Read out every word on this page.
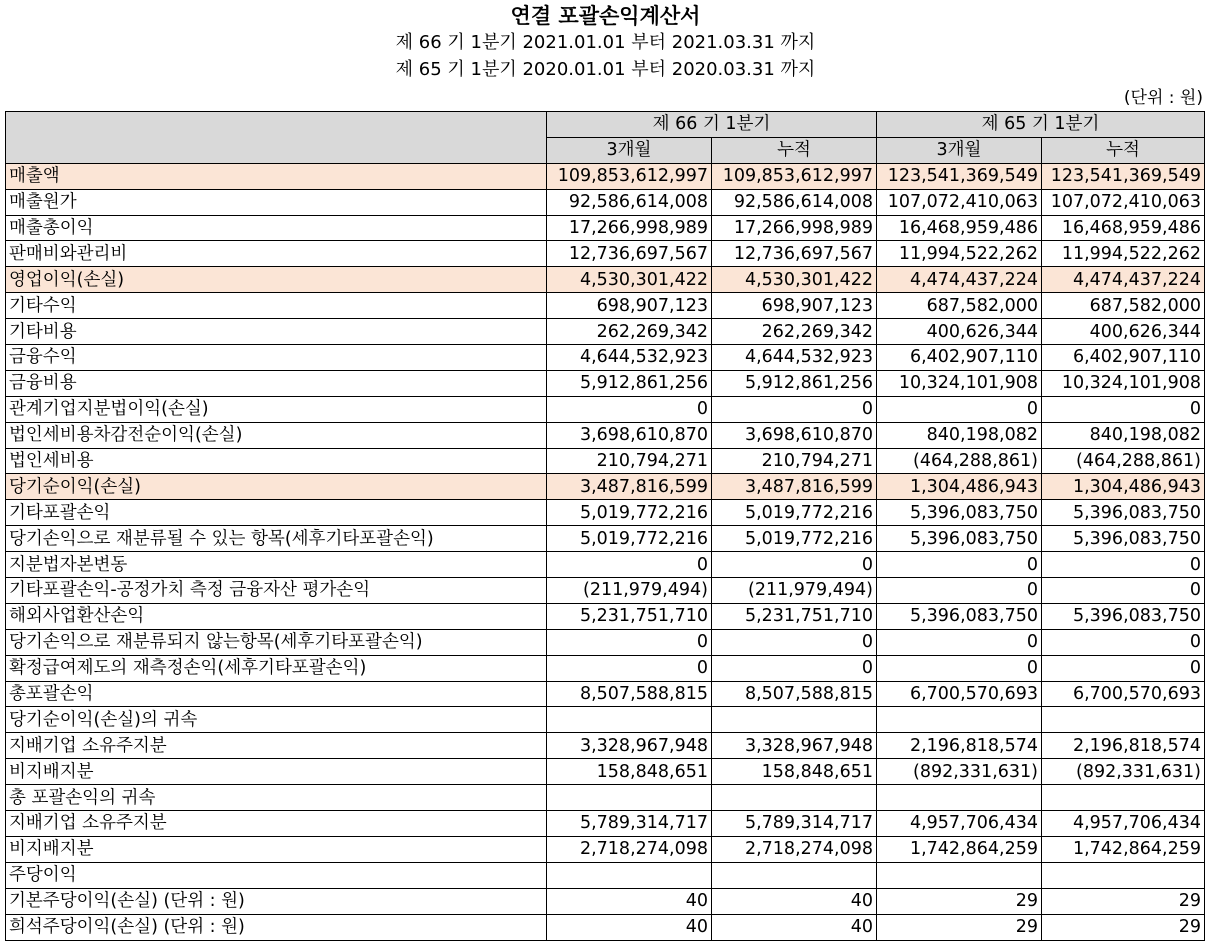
연결 포괄손익계산서
제 66 기 1분기 2021.01.01 부터 2021.03.31 까지
제 65 기 1분기 2020.01.01 부터 2020.03.31 까지
(단위 : 원)
	제 66 기 1분기		제 65 기 1분기	
	3개월	누적	3개월	누적
매출액	109,853,612,997	109,853,612,997	123,541,369,549	123,541,369,549
매출원가	92,586,614,008	92,586,614,008	107,072,410,063	107,072,410,063
매출총이익	17,266,998,989	17,266,998,989	16,468,959,486	16,468,959,486
판매비와관리비	12,736,697,567	12,736,697,567	11,994,522,262	11,994,522,262
영업이익(손실)	4,530,301,422	4,530,301,422	4,474,437,224	4,474,437,224
기타수익	698,907,123	698,907,123	687,582,000	687,582,000
기타비용	262,269,342	262,269,342	400,626,344	400,626,344
금융수익	4,644,532,923	4,644,532,923	6,402,907,110	6,402,907,110
금융비용	5,912,861,256	5,912,861,256	10,324,101,908	10,324,101,908
관계기업지분법이익(손실)	0	0	0	0
법인세비용차감전순이익(손실)	3,698,610,870	3,698,610,870	840,198,082	840,198,082
법인세비용	210,794,271	210,794,271	(464,288,861)	(464,288,861)
당기순이익(손실)	3,487,816,599	3,487,816,599	1,304,486,943	1,304,486,943
기타포괄손익	5,019,772,216	5,019,772,216	5,396,083,750	5,396,083,750
당기손익으로 재분류될 수 있는 항목(세후기타포괄손익)	5,019,772,216	5,019,772,216	5,396,083,750	5,396,083,750
지분법자본변동	0	0	0	0
기타포괄손익-공정가치 측정 금융자산 평가손익	(211,979,494)	(211,979,494)	0	0
해외사업환산손익	5,231,751,710	5,231,751,710	5,396,083,750	5,396,083,750
당기손익으로 재분류되지 않는항목(세후기타포괄손익)	0	0	0	0
확정급여제도의 재측정손익(세후기타포괄손익)	0	0	0	0
총포괄손익	8,507,588,815	8,507,588,815	6,700,570,693	6,700,570,693
당기순이익(손실)의 귀속				
지배기업 소유주지분	3,328,967,948	3,328,967,948	2,196,818,574	2,196,818,574
비지배지분	158,848,651	158,848,651	(892,331,631)	(892,331,631)
총 포괄손익의 귀속				
지배기업 소유주지분	5,789,314,717	5,789,314,717	4,957,706,434	4,957,706,434
비지배지분	2,718,274,098	2,718,274,098	1,742,864,259	1,742,864,259
주당이익				
기본주당이익(손실) (단위 : 원)	40	40	29	29
희석주당이익(손실) (단위 : 원)	40	40	29	29
